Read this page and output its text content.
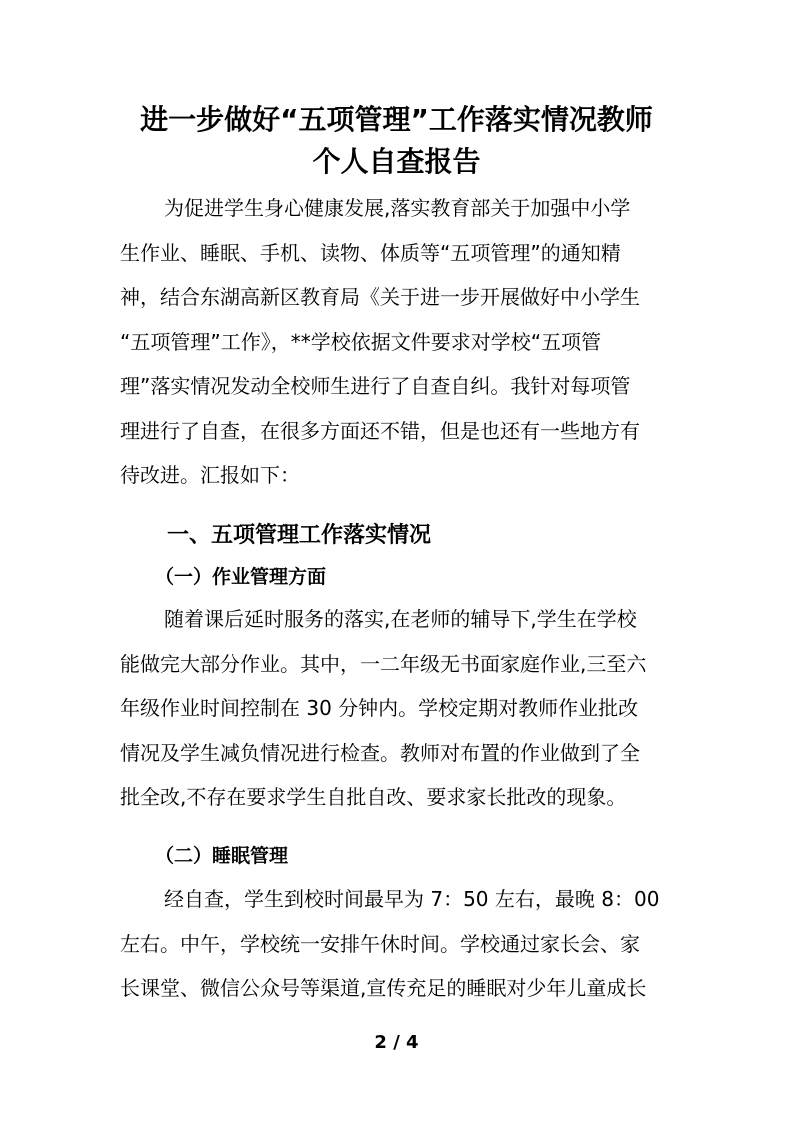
进一步做好“五项管理”工作落实情况教师
个人自查报告
为促进学生身心健康发展,落实教育部关于加强中小学
生作业、睡眠、手机、读物、体质等“五项管理”的通知精
神，结合东湖高新区教育局《关于进一步开展做好中小学生
“五项管理”工作》，**学校依据文件要求对学校“五项管
理”落实情况发动全校师生进行了自查自纠。我针对每项管
理进行了自查，在很多方面还不错，但是也还有一些地方有
待改进。汇报如下：
一、五项管理工作落实情况
（一）作业管理方面
随着课后延时服务的落实,在老师的辅导下,学生在学校
能做完大部分作业。其中，一二年级无书面家庭作业,三至六
年级作业时间控制在 30 分钟内。学校定期对教师作业批改
情况及学生减负情况进行检查。教师对布置的作业做到了全
批全改,不存在要求学生自批自改、要求家长批改的现象。
（二）睡眠管理
经自查，学生到校时间最早为 7：50 左右，最晚 8：00
左右。中午，学校统一安排午休时间。学校通过家长会、家
长课堂、微信公众号等渠道,宣传充足的睡眠对少年儿童成长
2 / 4
